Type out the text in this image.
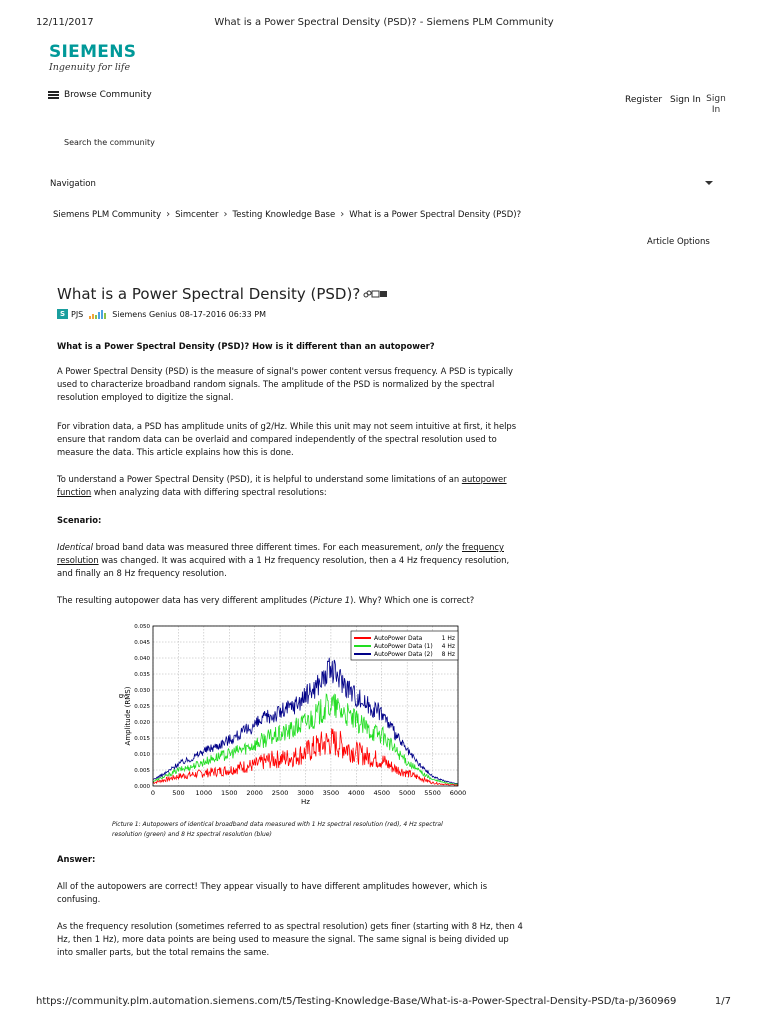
12/11/2017	What is a Power Spectral Density (PSD)? - Siemens PLM Community
SIEMENS
Ingenuity for life
Browse Community	Register Sign In Sign In
Search the community
Navigation
Siemens PLM Community › Simcenter › Testing Knowledge Base › What is a Power Spectral Density (PSD)?
Article Options
What is a Power Spectral Density (PSD)?
S PJS	Siemens Genius 08-17-2016 06:33 PM

What is a Power Spectral Density (PSD)? How is it different than an autopower?

A Power Spectral Density (PSD) is the measure of signal's power content versus frequency. A PSD is typically used to characterize broadband random signals. The amplitude of the PSD is normalized by the spectral resolution employed to digitize the signal.

For vibration data, a PSD has amplitude units of g2/Hz. While this unit may not seem intuitive at first, it helps ensure that random data can be overlaid and compared independently of the spectral resolution used to measure the data. This article explains how this is done.

To understand a Power Spectral Density (PSD), it is helpful to understand some limitations of an autopower function when analyzing data with differing spectral resolutions:

Scenario:

Identical broad band data was measured three different times. For each measurement, only the frequency resolution was changed. It was acquired with a 1 Hz frequency resolution, then a 4 Hz frequency resolution, and finally an 8 Hz frequency resolution.

The resulting autopower data has very different amplitudes (Picture 1). Why? Which one is correct?

0.000
0.005
0.010
0.015
0.020
0.025
0.030
0.035
0.040
0.045
0.050
0	500 1000 1500 2000 2500 3000 3500 4000 4500 5000 5500 6000
g Amplitude (RMS)
Hz
AutoPower Data	1 Hz
AutoPower Data (1) 4 Hz
AutoPower Data (2) 8 Hz
Picture 1: Autopowers of identical broadband data measured with 1 Hz spectral resolution (red), 4 Hz spectral resolution (green) and 8 Hz spectral resolution (blue)

Answer:

All of the autopowers are correct! They appear visually to have different amplitudes however, which is confusing.

As the frequency resolution (sometimes referred to as spectral resolution) gets finer (starting with 8 Hz, then 4 Hz, then 1 Hz), more data points are being used to measure the signal. The same signal is being divided up into smaller parts, but the total remains the same.

https://community.plm.automation.siemens.com/t5/Testing-Knowledge-Base/What-is-a-Power-Spectral-Density-PSD/ta-p/360969	1/7
